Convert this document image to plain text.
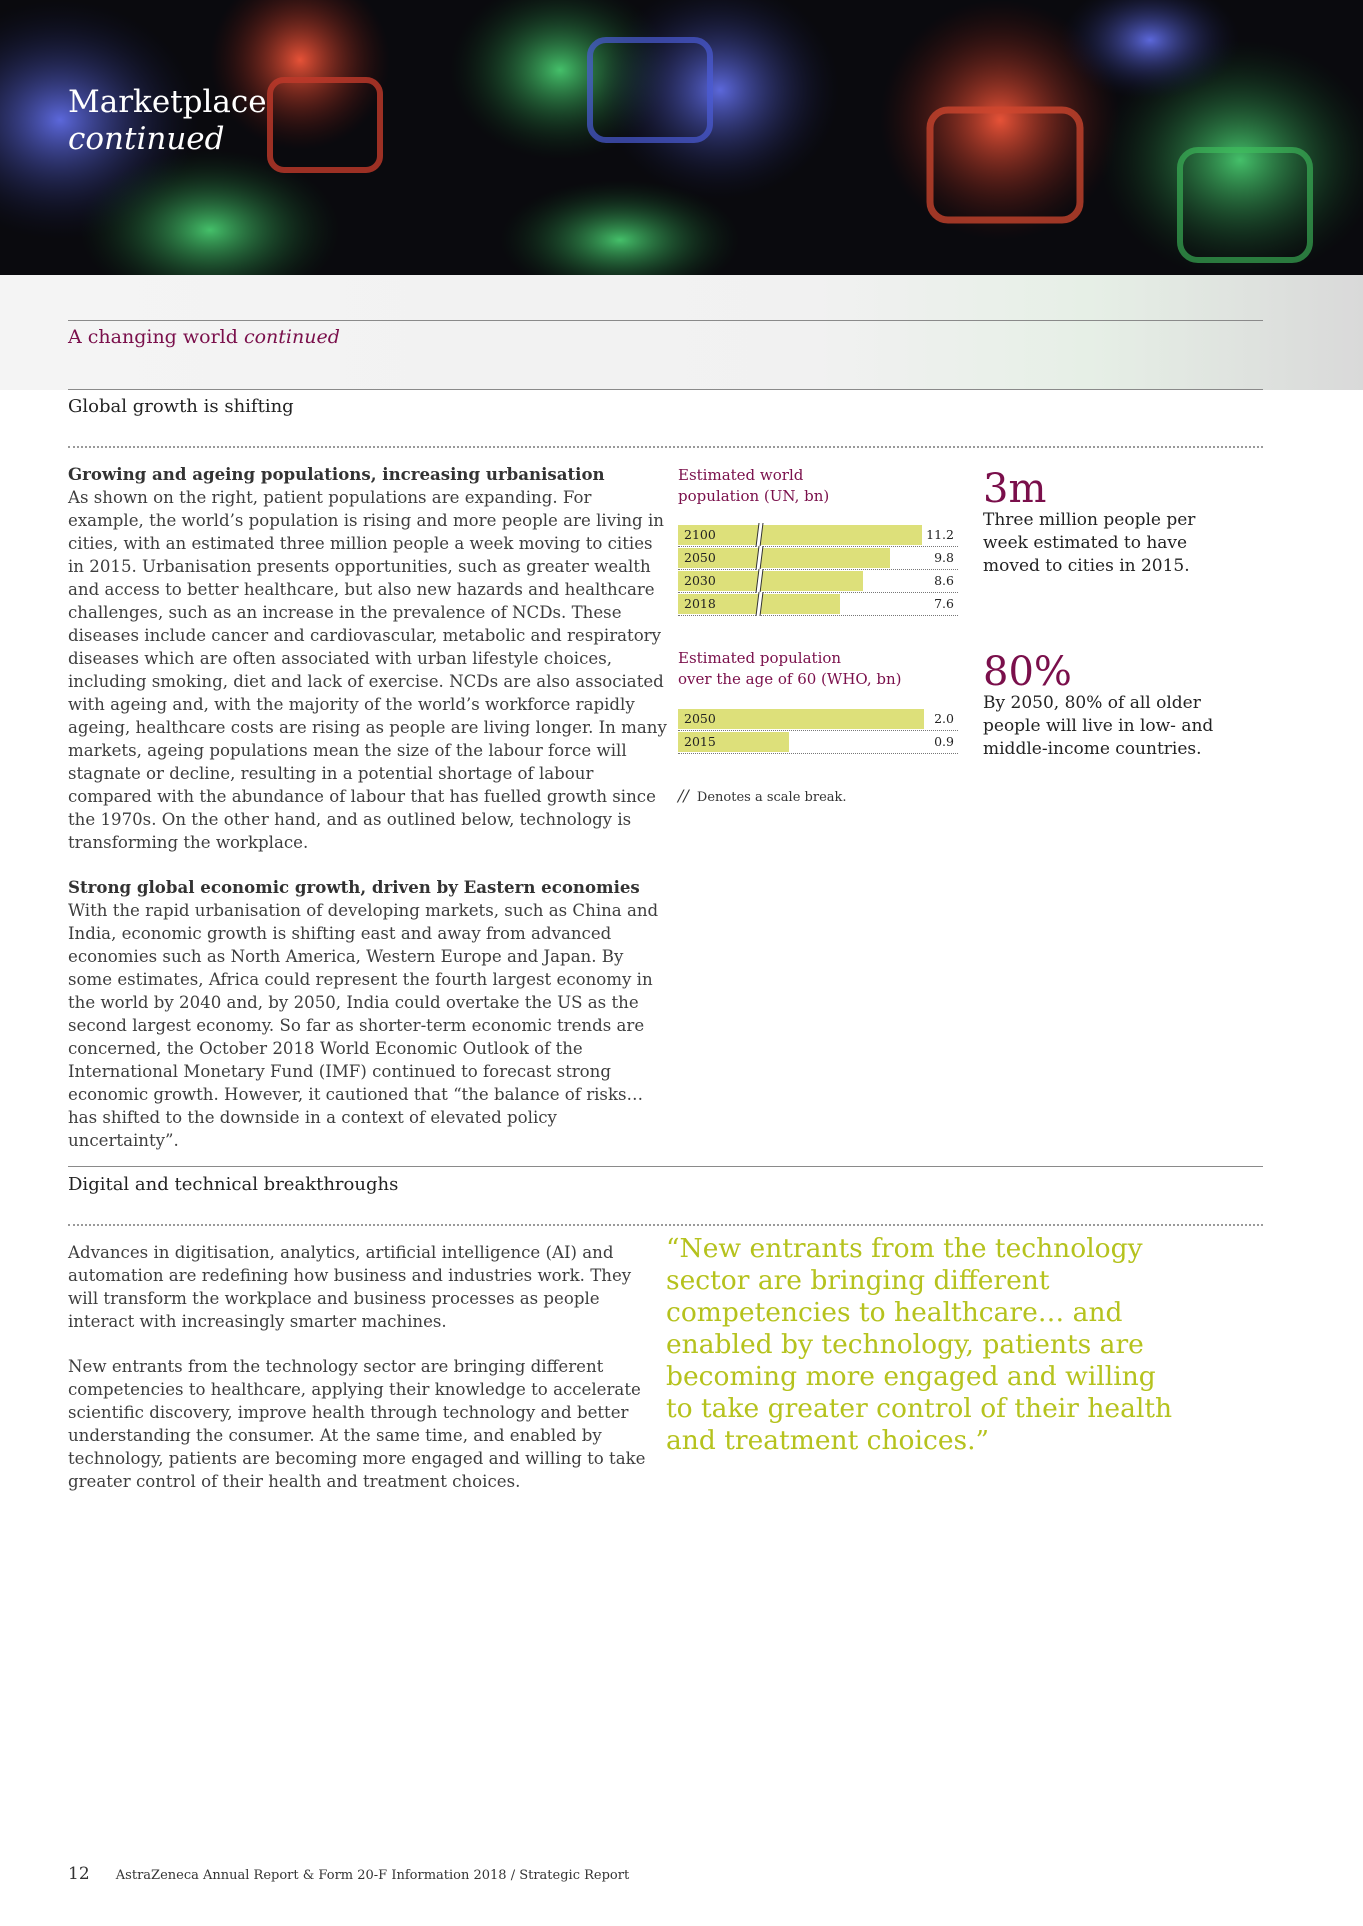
Marketplace
continued
A changing world continued
Global growth is shifting
Growing and ageing populations, increasing urbanisation

As shown on the right, patient populations are expanding. For example, the world’s population is rising and more people are living in cities, with an estimated three million people a week moving to cities in 2015. Urbanisation presents opportunities, such as greater wealth and access to better healthcare, but also new hazards and healthcare challenges, such as an increase in the prevalence of NCDs. These diseases include cancer and cardiovascular, metabolic and respiratory diseases which are often associated with urban lifestyle choices, including smoking, diet and lack of exercise. NCDs are also associated with ageing and, with the majority of the world’s workforce rapidly ageing, healthcare costs are rising as people are living longer. In many markets, ageing populations mean the size of the labour force will stagnate or decline, resulting in a potential shortage of labour compared with the abundance of labour that has fuelled growth since the 1970s. On the other hand, and as outlined below, technology is transforming the workplace.

Strong global economic growth, driven by Eastern economies

With the rapid urbanisation of developing markets, such as China and India, economic growth is shifting east and away from advanced economies such as North America, Western Europe and Japan. By some estimates, Africa could represent the fourth largest economy in the world by 2040 and, by 2050, India could overtake the US as the second largest economy. So far as shorter-term economic trends are concerned, the October 2018 World Economic Outlook of the International Monetary Fund (IMF) continued to forecast strong economic growth. However, it cautioned that “the balance of risks… has shifted to the downside in a context of elevated policy uncertainty”.

Estimated world
population (UN, bn)
2100	11.2
2050	9.8
2030	8.6
2018	7.6
Estimated population
over the age of 60 (WHO, bn)
2050	2.0
2015	0.9
// Denotes a scale break.
3m
Three million people per week estimated to have moved to cities in 2015.
80%
By 2050, 80% of all older people will live in low- and middle-income countries.
Digital and technical breakthroughs

Advances in digitisation, analytics, artificial intelligence (AI) and automation are redefining how business and industries work. They will transform the workplace and business processes as people interact with increasingly smarter machines.

New entrants from the technology sector are bringing different competencies to healthcare, applying their knowledge to accelerate scientific discovery, improve health through technology and better understanding the consumer. At the same time, and enabled by technology, patients are becoming more engaged and willing to take greater control of their health and treatment choices.

“New entrants from the technology sector are bringing different competencies to healthcare… and enabled by technology, patients are becoming more engaged and willing to take greater control of their health and treatment choices.”
12 AstraZeneca Annual Report & Form 20-F Information 2018 / Strategic Report
